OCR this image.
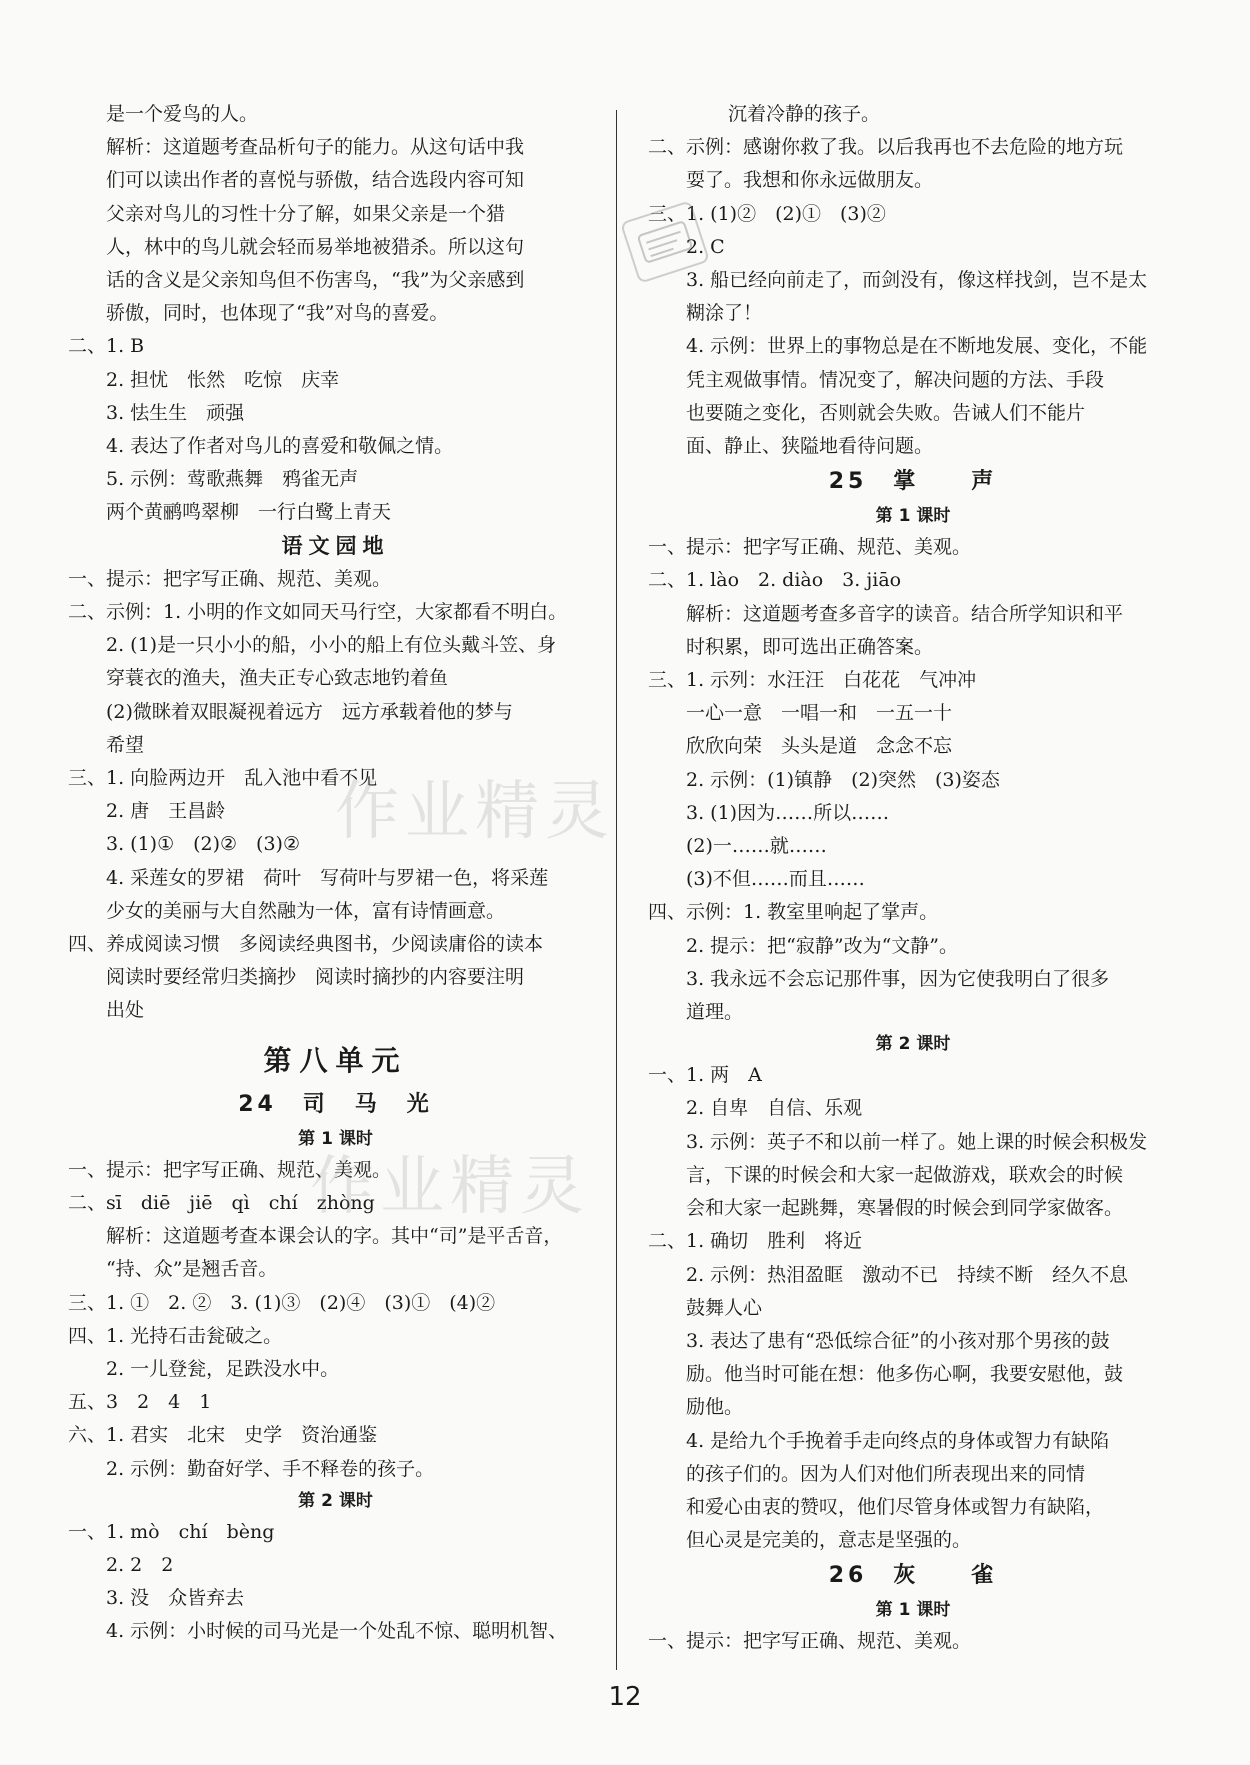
是一个爱鸟的人。
解析：这道题考查品析句子的能力。从这句话中我
们可以读出作者的喜悦与骄傲，结合选段内容可知
父亲对鸟儿的习性十分了解，如果父亲是一个猎
人，林中的鸟儿就会轻而易举地被猎杀。所以这句
话的含义是父亲知鸟但不伤害鸟，“我”为父亲感到
骄傲，同时，也体现了“我”对鸟的喜爱。
二、1. B
2. 担忧　怅然　吃惊　庆幸
3. 怯生生　顽强
4. 表达了作者对鸟儿的喜爱和敬佩之情。
5. 示例：莺歌燕舞　鸦雀无声
两个黄鹂鸣翠柳　一行白鹭上青天
语文园地
一、提示：把字写正确、规范、美观。
二、示例：1. 小明的作文如同天马行空，大家都看不明白。
2. (1)是一只小小的船，小小的船上有位头戴斗笠、身
穿蓑衣的渔夫，渔夫正专心致志地钓着鱼
(2)微眯着双眼凝视着远方　远方承载着他的梦与
希望
三、1. 向脸两边开　乱入池中看不见
2. 唐　王昌龄
3. (1)①　(2)②　(3)②
4. 采莲女的罗裙　荷叶　写荷叶与罗裙一色，将采莲
少女的美丽与大自然融为一体，富有诗情画意。
四、养成阅读习惯　多阅读经典图书，少阅读庸俗的读本
阅读时要经常归类摘抄　阅读时摘抄的内容要注明
出处
第八单元
24　司　马　光
第 1 课时
一、提示：把字写正确、规范、美观。
二、sī　diē　jiē　qì　chí　zhòng
解析：这道题考查本课会认的字。其中“司”是平舌音，
“持、众”是翘舌音。
三、1. ①　2. ②　3. (1)③　(2)④　(3)①　(4)②
四、1. 光持石击瓮破之。
2. 一儿登瓮，足跌没水中。
五、3　2　4　1
六、1. 君实　北宋　史学　资治通鉴
2. 示例：勤奋好学、手不释卷的孩子。
第 2 课时
一、1. mò　chí　bèng
2. 2　2
3. 没　众皆弃去
4. 示例：小时候的司马光是一个处乱不惊、聪明机智、
沉着冷静的孩子。
二、示例：感谢你救了我。以后我再也不去危险的地方玩
耍了。我想和你永远做朋友。
三、1. (1)②　(2)①　(3)②
2. C
3. 船已经向前走了，而剑没有，像这样找剑，岂不是太
糊涂了！
4. 示例：世界上的事物总是在不断地发展、变化，不能
凭主观做事情。情况变了，解决问题的方法、手段
也要随之变化，否则就会失败。告诫人们不能片
面、静止、狭隘地看待问题。
25　掌　　声
第 1 课时
一、提示：把字写正确、规范、美观。
二、1. lào　2. diào　3. jiāo
解析：这道题考查多音字的读音。结合所学知识和平
时积累，即可选出正确答案。
三、1. 示列：水汪汪　白花花　气冲冲
一心一意　一唱一和　一五一十
欣欣向荣　头头是道　念念不忘
2. 示例：(1)镇静　(2)突然　(3)姿态
3. (1)因为……所以……
(2)一……就……
(3)不但……而且……
四、示例：1. 教室里响起了掌声。
2. 提示：把“寂静”改为“文静”。
3. 我永远不会忘记那件事，因为它使我明白了很多
道理。
第 2 课时
一、1. 两　A
2. 自卑　自信、乐观
3. 示例：英子不和以前一样了。她上课的时候会积极发
言，下课的时候会和大家一起做游戏，联欢会的时候
会和大家一起跳舞，寒暑假的时候会到同学家做客。
二、1. 确切　胜利　将近
2. 示例：热泪盈眶　激动不已　持续不断　经久不息
鼓舞人心
3. 表达了患有“恐低综合征”的小孩对那个男孩的鼓
励。他当时可能在想：他多伤心啊，我要安慰他，鼓
励他。
4. 是给九个手挽着手走向终点的身体或智力有缺陷
的孩子们的。因为人们对他们所表现出来的同情
和爱心由衷的赞叹，他们尽管身体或智力有缺陷，
但心灵是完美的，意志是坚强的。
26　灰　　雀
第 1 课时
一、提示：把字写正确、规范、美观。
作业精灵
作业精灵
12
